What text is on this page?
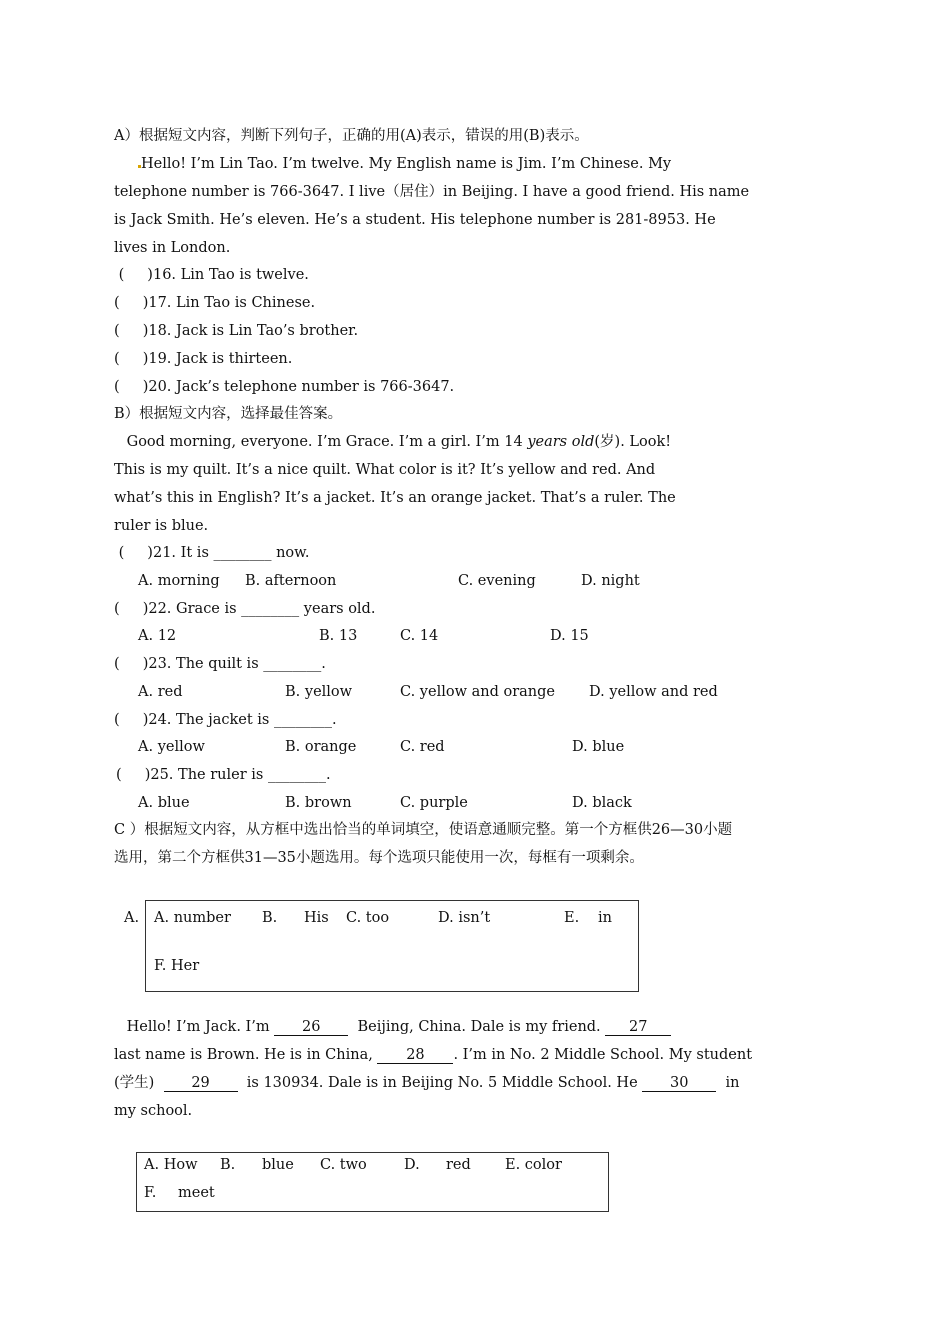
A）根据短文内容，判断下列句子，正确的用(A)表示，错误的用(B)表示。
Hello! I’m Lin Tao. I’m twelve. My English name is Jim. I’m Chinese. My
telephone number is 766-3647. I live（居住）in Beijing. I have a good friend. His name
is Jack Smith. He’s eleven. He’s a student. His telephone number is 281-8953. He
lives in London.
(     )16. Lin Tao is twelve.
(     )17. Lin Tao is Chinese.
(     )18. Jack is Lin Tao’s brother.
(     )19. Jack is thirteen.
(     )20. Jack’s telephone number is 766-3647.
B）根据短文内容，选择最佳答案。
Good morning, everyone. I’m Grace. I’m a girl. I’m 14 years old(岁). Look!
This is my quilt. It’s a nice quilt. What color is it? It’s yellow and red. And
what’s this in English? It’s a jacket. It’s an orange jacket. That’s a ruler. The
ruler is blue.
(     )21. It is ________ now.
A. morning B. afternoon	C. evening	D. night
(     )22. Grace is ________ years old.
A. 12	B. 13	C. 14	D. 15
(     )23. The quilt is ________.
A. red	B. yellow	C. yellow and orange D. yellow and red
(     )24. The jacket is ________.
A. yellow	B. orange	C. red	D. blue
(     )25. The ruler is ________.
A. blue	B. brown	C. purple	D. black
C ）根据短文内容，从方框中选出恰当的单词填空，使语意通顺完整。第一个方框供26—30小题
选用，第二个方框供31—35小题选用。每个选项只能使用一次，每框有一项剩余。
A. A. number B. His C. too	D. isn’t	E. in
F. Her
Hello! I’m Jack. I’m 26  Beijing, China. Dale is my friend. 27
last name is Brown. He is in China, 28 . I’m in No. 2 Middle School. My student
(学生)  29  is 130934. Dale is in Beijing No. 5 Middle School. He 30  in
my school.
A. How B. blue C. two	D. red E. color
F. meet
